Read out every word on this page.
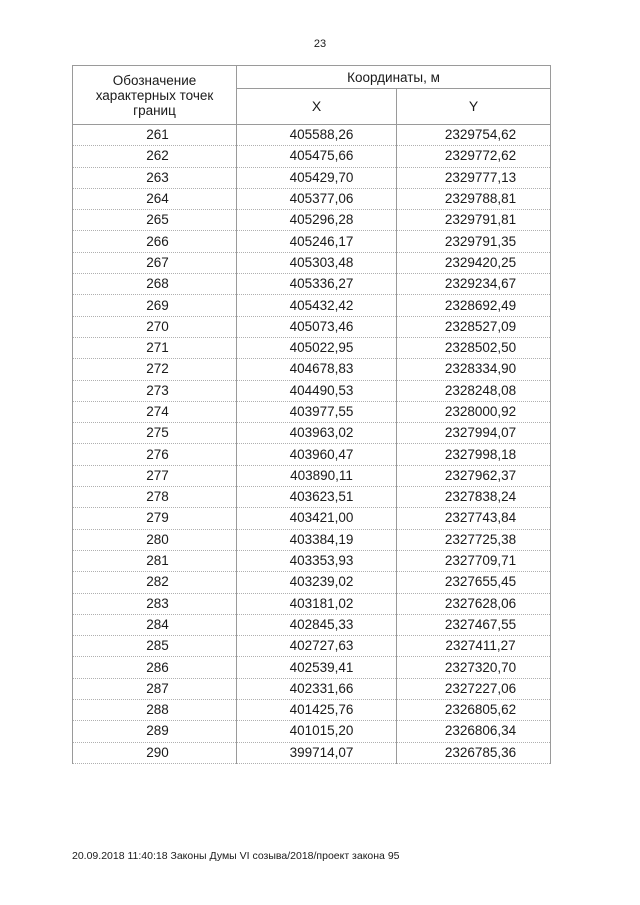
23
Обозначение характерных точек границ	Координаты, м	
	X	Y
261	405588,26	2329754,62
262	405475,66	2329772,62
263	405429,70	2329777,13
264	405377,06	2329788,81
265	405296,28	2329791,81
266	405246,17	2329791,35
267	405303,48	2329420,25
268	405336,27	2329234,67
269	405432,42	2328692,49
270	405073,46	2328527,09
271	405022,95	2328502,50
272	404678,83	2328334,90
273	404490,53	2328248,08
274	403977,55	2328000,92
275	403963,02	2327994,07
276	403960,47	2327998,18
277	403890,11	2327962,37
278	403623,51	2327838,24
279	403421,00	2327743,84
280	403384,19	2327725,38
281	403353,93	2327709,71
282	403239,02	2327655,45
283	403181,02	2327628,06
284	402845,33	2327467,55
285	402727,63	2327411,27
286	402539,41	2327320,70
287	402331,66	2327227,06
288	401425,76	2326805,62
289	401015,20	2326806,34
290	399714,07	2326785,36
20.09.2018 11:40:18 Законы Думы VI созыва/2018/проект закона 95
